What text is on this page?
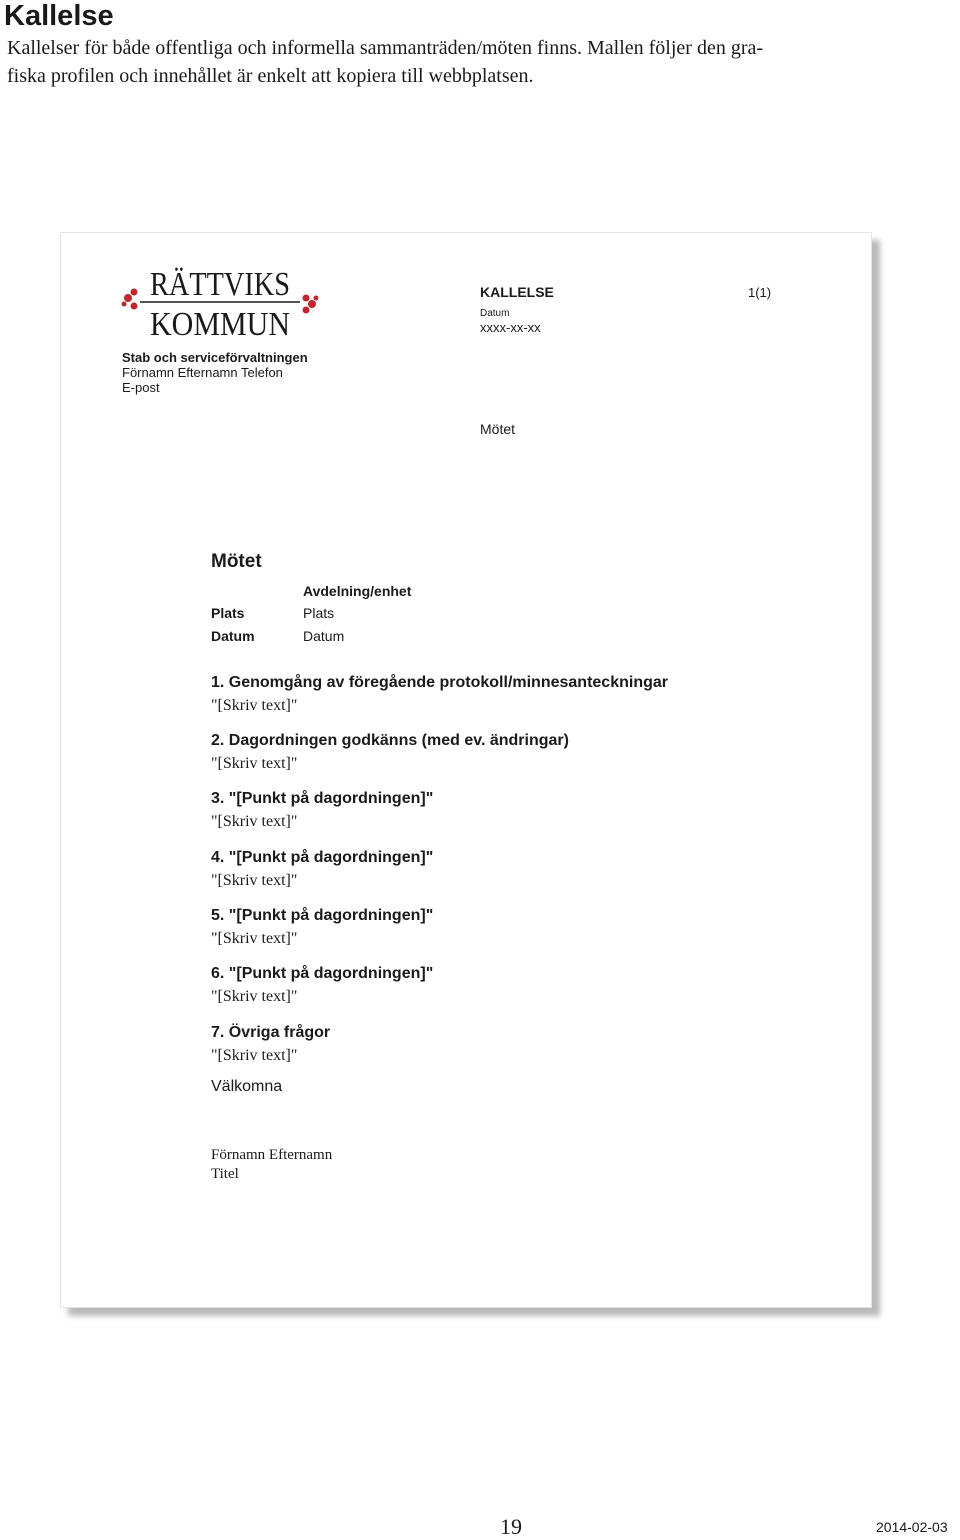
Kallelse
Kallelser för både offentliga och informella sammanträden/möten finns. Mallen följer den gra-
fiska profilen och innehållet är enkelt att kopiera till webbplatsen.
RÄTTVIKS
KOMMUN
KALLELSE	1(1)
Datum
xxxx-xx-xx
Stab och serviceförvaltningen
Förnamn Efternamn Telefon
E-post
Mötet
Mötet
Avdelning/enhet
Plats	Plats
Datum	Datum
1. Genomgång av föregående protokoll/minnesanteckningar
"[Skriv text]"
2. Dagordningen godkänns (med ev. ändringar)
"[Skriv text]"
3. "[Punkt på dagordningen]"
"[Skriv text]"
4. "[Punkt på dagordningen]"
"[Skriv text]"
5. "[Punkt på dagordningen]"
"[Skriv text]"
6. "[Punkt på dagordningen]"
"[Skriv text]"
7. Övriga frågor
"[Skriv text]"
Välkomna
Förnamn Efternamn
Titel
19	2014-02-03
